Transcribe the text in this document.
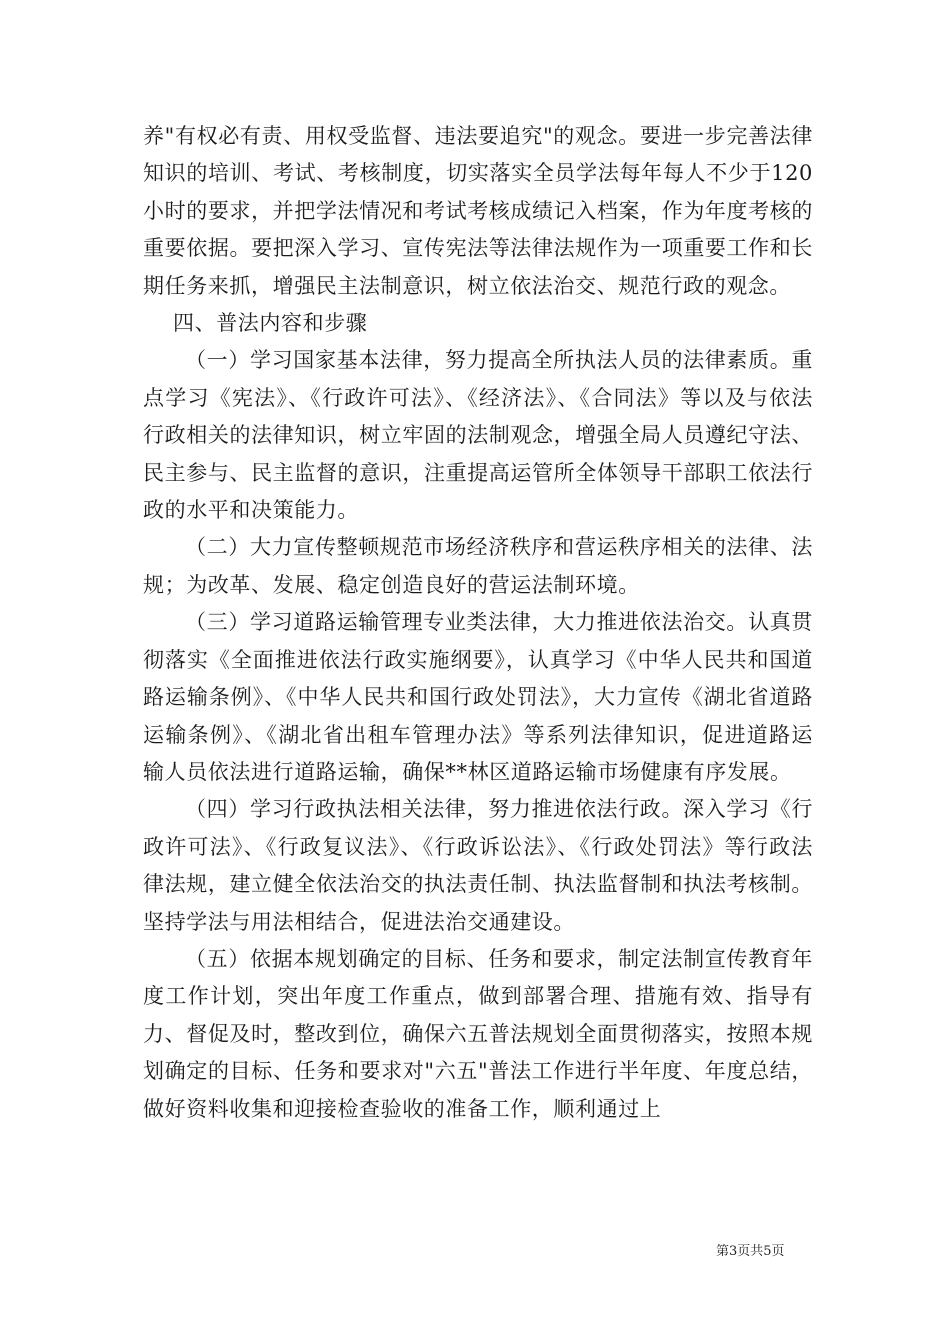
养"有权必有责、用权受监督、违法要追究"的观念。要进一步完善法律知识的培训、考试、考核制度，切实落实全员学法每年每人不少于120小时的要求，并把学法情况和考试考核成绩记入档案，作为年度考核的重要依据。要把深入学习、宣传宪法等法律法规作为一项重要工作和长期任务来抓，增强民主法制意识，树立依法治交、规范行政的观念。

四、普法内容和步骤

（一）学习国家基本法律，努力提高全所执法人员的法律素质。重点学习《宪法》、《行政许可法》、《经济法》、《合同法》等以及与依法行政相关的法律知识，树立牢固的法制观念，增强全局人员遵纪守法、民主参与、民主监督的意识，注重提高运管所全体领导干部职工依法行政的水平和决策能力。

（二）大力宣传整顿规范市场经济秩序和营运秩序相关的法律、法规；为改革、发展、稳定创造良好的营运法制环境。

（三）学习道路运输管理专业类法律，大力推进依法治交。认真贯彻落实《全面推进依法行政实施纲要》，认真学习《中华人民共和国道路运输条例》、《中华人民共和国行政处罚法》，大力宣传《湖北省道路运输条例》、《湖北省出租车管理办法》等系列法律知识，促进道路运输人员依法进行道路运输，确保**林区道路运输市场健康有序发展。

（四）学习行政执法相关法律，努力推进依法行政。深入学习《行政许可法》、《行政复议法》、《行政诉讼法》、《行政处罚法》等行政法律法规，建立健全依法治交的执法责任制、执法监督制和执法考核制。坚持学法与用法相结合，促进法治交通建设。

（五）依据本规划确定的目标、任务和要求，制定法制宣传教育年度工作计划，突出年度工作重点，做到部署合理、措施有效、指导有力、督促及时，整改到位，确保六五普法规划全面贯彻落实，按照本规划确定的目标、任务和要求对"六五"普法工作进行半年度、年度总结，做好资料收集和迎接检查验收的准备工作，顺利通过上

第3页共5页
